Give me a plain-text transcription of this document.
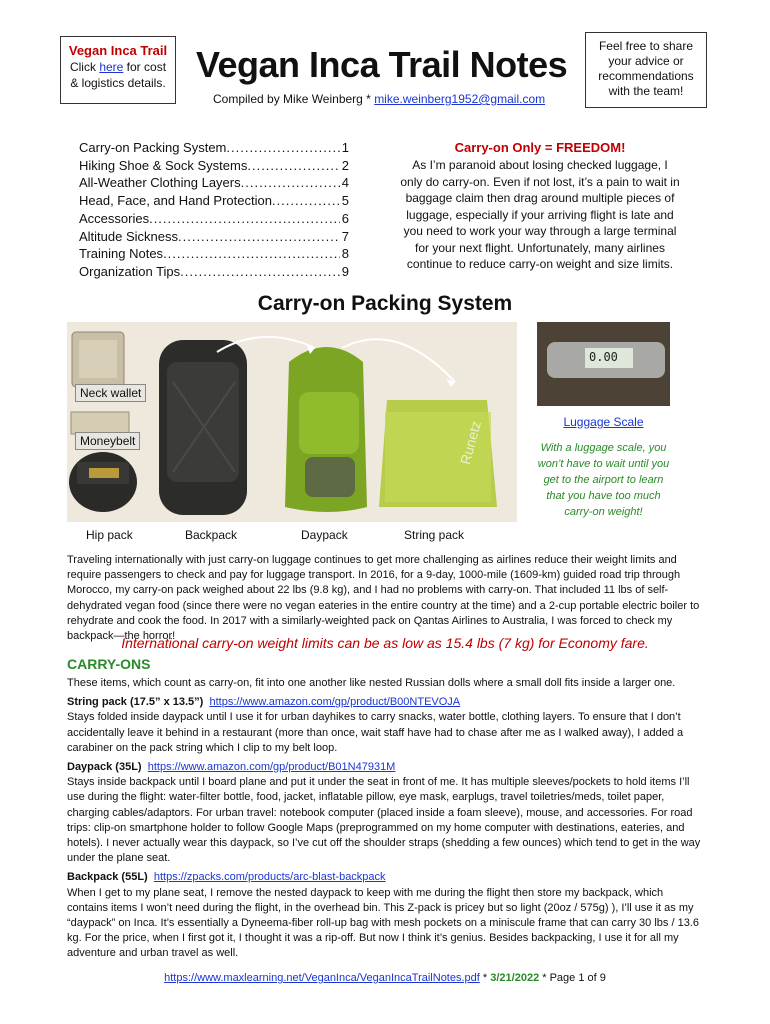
Vegan Inca Trail
Click here for cost
& logistics details. Vegan Inca Trail Notes
Compiled by Mike Weinberg * mike.weinberg1952@gmail.com
Feel free to share your advice or recommendations with the team!
Carry-on Packing System .....	1
Hiking Shoe & Sock Systems .....	2
All-Weather Clothing Layers .....	4
Head, Face, and Hand Protection .....	5
Accessories .....	6
Altitude Sickness .....	7
Training Notes .....	8
Organization Tips .....	9
Carry-on Only = FREEDOM!
As I’m paranoid about losing checked luggage, I only do carry-on. Even if not lost, it’s a pain to wait in baggage claim then drag around multiple pieces of luggage, especially if your arriving flight is late and you need to work your way through a large terminal for your next flight. Unfortunately, many airlines continue to reduce carry-on weight and size limits.
Carry-on Packing System
Neck wallet
Moneybelt	Runetz
Hip pack	Backpack	Daypack	String pack
0.00
Luggage Scale
With a luggage scale, you won’t have to wait until you get to the airport to learn that you have too much carry-on weight!
Traveling internationally with just carry-on luggage continues to get more challenging as airlines reduce their weight limits and require passengers to check and pay for luggage transport. In 2016, for a 9-day, 1000-mile (1609-km) guided road trip through Morocco, my carry-on pack weighed about 22 lbs (9.8 kg), and I had no problems with carry-on. That included 11 lbs of self-dehydrated vegan food (since there were no vegan eateries in the entire country at the time) and a 2-cup portable electric boiler to rehydrate and cook the food. In 2017 with a similarly-weighted pack on Qantas Airlines to Australia, I was forced to check my backpack—the horror!
International carry-on weight limits can be as low as 15.4 lbs (7 kg) for Economy fare.
CARRY-ONS
These items, which count as carry-on, fit into one another like nested Russian dolls where a small doll fits inside a larger one.
String pack (17.5” x 13.5”) https://www.amazon.com/gp/product/B00NTEVOJA
Stays folded inside daypack until I use it for urban dayhikes to carry snacks, water bottle, clothing layers. To ensure that I don’t accidentally leave it behind in a restaurant (more than once, wait staff have had to chase after me as I walked away), I added a carabiner on the pack string which I clip to my belt loop.
Daypack (35L) https://www.amazon.com/gp/product/B01N47931M
Stays inside backpack until I board plane and put it under the seat in front of me. It has multiple sleeves/pockets to hold items I’ll use during the flight: water-filter bottle, food, jacket, inflatable pillow, eye mask, earplugs, travel toiletries/meds, toilet paper, charging cables/adaptors. For urban travel: notebook computer (placed inside a foam sleeve), mouse, and accessories. For road trips: clip-on smartphone holder to follow Google Maps (preprogrammed on my home computer with destinations, eateries, and hotels). I never actually wear this daypack, so I’ve cut off the shoulder straps (shedding a few ounces) which tend to get in the way under the plane seat.
Backpack (55L) https://zpacks.com/products/arc-blast-backpack
When I get to my plane seat, I remove the nested daypack to keep with me during the flight then store my backpack, which contains items I won’t need during the flight, in the overhead bin. This Z-pack is pricey but so light (20oz / 575g) ), I’ll use it as my “daypack” on Inca. It’s essentially a Dyneema-fiber roll-up bag with mesh pockets on a miniscule frame that can carry 30 lbs / 13.6 kg. For the price, when I first got it, I thought it was a rip-off. But now I think it’s genius. Besides backpacking, I use it for all my adventure and urban travel as well.
https://www.maxlearning.net/VeganInca/VeganIncaTrailNotes.pdf * 3/21/2022 * Page 1 of 9
